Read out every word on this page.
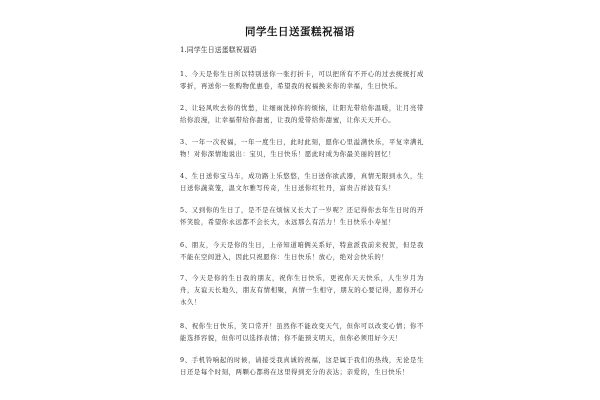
同学生日送蛋糕祝福语
1.同学生日送蛋糕祝福语
1、今天是你生日所以特别送你一张打折卡，可以把所有不开心的过去统统打成零折，再送你一张购物优惠卷，希望我的祝福换来你的幸福，生日快乐。
2、让轻风吹去你的忧愁，让细雨洗掉你的烦恼，让阳光带给你温暖，让月亮带给你浪漫，让幸福带给你甜蜜，让我的爱带给你甜蜜，让你天天开心。
3、一年一次祝福，一年一度生日，此时此刻，愿你心里溢满快乐，平复幸满礼物！对你深情地说出：宝贝，生日快乐！愿此时成为你最美丽的回忆！
4、生日送你宝马车，成功路上乐悠悠，生日送你欲武器，真情无限到永久，生日送你蔬菜笼，温文尔雅写传奇，生日送你红牡丹，富贵吉祥波有头！
5、又到你的生日了，是不是在烦恼又长大了一岁呢？还记得你去年生日时的开怀笑脸，希望你永远都不会长大，永远那么有活力！生日快乐小寿星！
6、朋友，今天是你的生日，上帝知道咱俩关系好，特意派我前来祝贺，但是我不能在空间进入，因此只祝愿你：生日快乐！放心，绝对会快乐的！
7、今天是你的生日我的朋友，祝你生日快乐，更祝你天天快乐，人生岁月为舟，友谊天长地久，朋友有情相聚，真情一生相守，朋友的心要记得，愿你开心永久！
8、祝你生日快乐，笑口常开！虽然你不能改变天气，但你可以改变心情；你不能选择容貌，但你可以选择表情；你不能预支明天，但你必须用好今天！
9、手机铃响起的时候，请接受我真诚的祝福，这是属于我们的热线，无论是生日还是每个时刻，两颗心都将在这里得到充分的表达；亲爱的，生日快乐！
